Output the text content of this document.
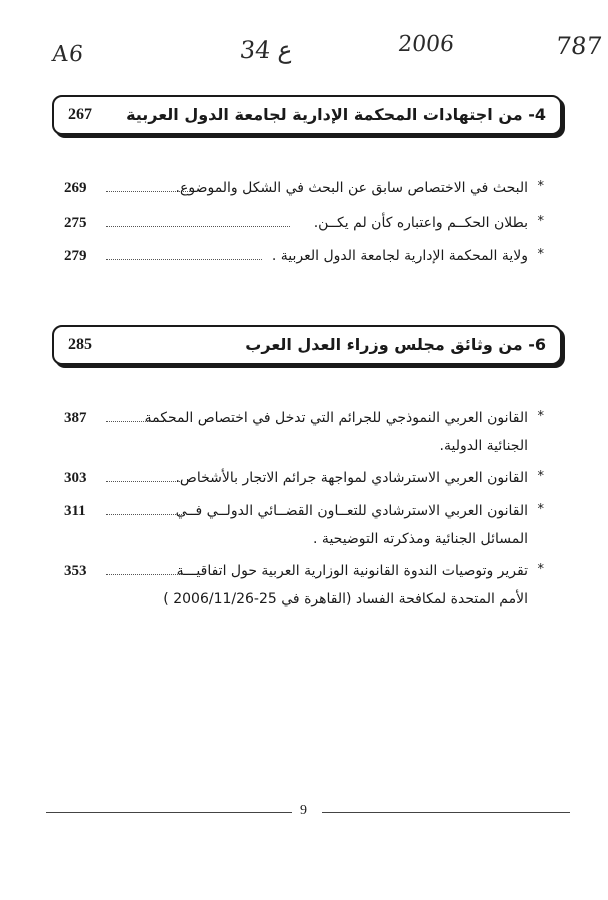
A6	34 ع	2006	787
4- من اجتهادات المحكمة الإدارية لجامعة الدول العربية
267
269	البحث في الاختصاص سابق عن البحث في الشكل والموضوع. *
275	بطلان الحكــم واعتباره كأن لم يكــن. *
279	ولاية المحكمة الإدارية لجامعة الدول العربية . *
6- من وثائق مجلس وزراء العدل العرب
285
387	القانون العربي النموذجي للجرائم التي تدخل في اختصاص المحكمة
الجنائية الدولية.
*
303	القانون العربي الاسترشادي لمواجهة جرائم الاتجار بالأشخاص. *
311	القانون العربي الاسترشادي للتعــاون القضــائي الدولــي فــي
المسائل الجنائية ومذكرته التوضيحية .
*
353	تقرير وتوصيات الندوة القانونية الوزارية العربية حول اتفاقيـــة
الأمم المتحدة لمكافحة الفساد (القاهرة في 25-2006/11/26 )
*
9
